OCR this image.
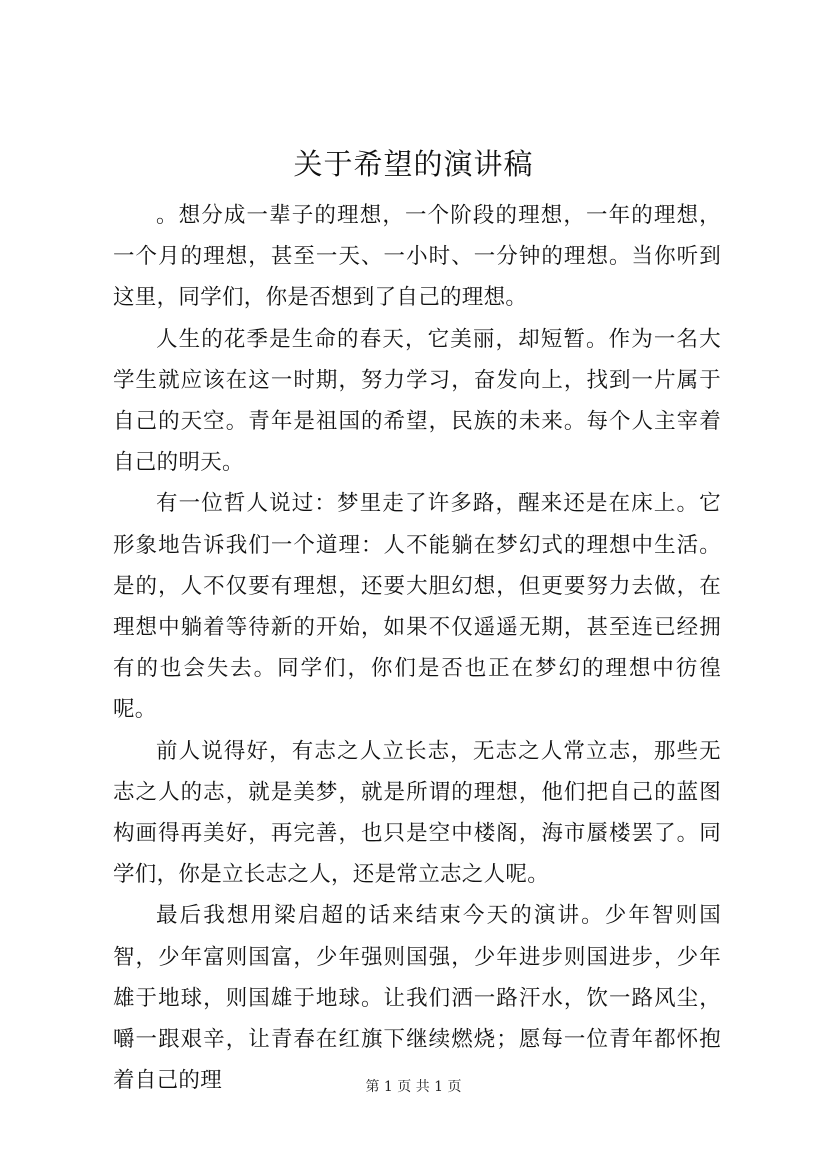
关于希望的演讲稿

。想分成一辈子的理想，一个阶段的理想，一年的理想，一个月的理想，甚至一天、一小时、一分钟的理想。当你听到这里，同学们，你是否想到了自己的理想。

人生的花季是生命的春天，它美丽，却短暂。作为一名大学生就应该在这一时期，努力学习，奋发向上，找到一片属于自己的天空。青年是祖国的希望，民族的未来。每个人主宰着自己的明天。

有一位哲人说过：梦里走了许多路，醒来还是在床上。它形象地告诉我们一个道理：人不能躺在梦幻式的理想中生活。是的，人不仅要有理想，还要大胆幻想，但更要努力去做，在理想中躺着等待新的开始，如果不仅遥遥无期，甚至连已经拥有的也会失去。同学们，你们是否也正在梦幻的理想中彷徨呢。

前人说得好，有志之人立长志，无志之人常立志，那些无志之人的志，就是美梦，就是所谓的理想，他们把自己的蓝图构画得再美好，再完善，也只是空中楼阁，海市蜃楼罢了。同学们，你是立长志之人，还是常立志之人呢。

最后我想用梁启超的话来结束今天的演讲。少年智则国智，少年富则国富，少年强则国强，少年进步则国进步，少年雄于地球，则国雄于地球。让我们洒一路汗水，饮一路风尘，嚼一跟艰辛，让青春在红旗下继续燃烧；愿每一位青年都怀抱着自己的理	第 1 页 共 1 页
